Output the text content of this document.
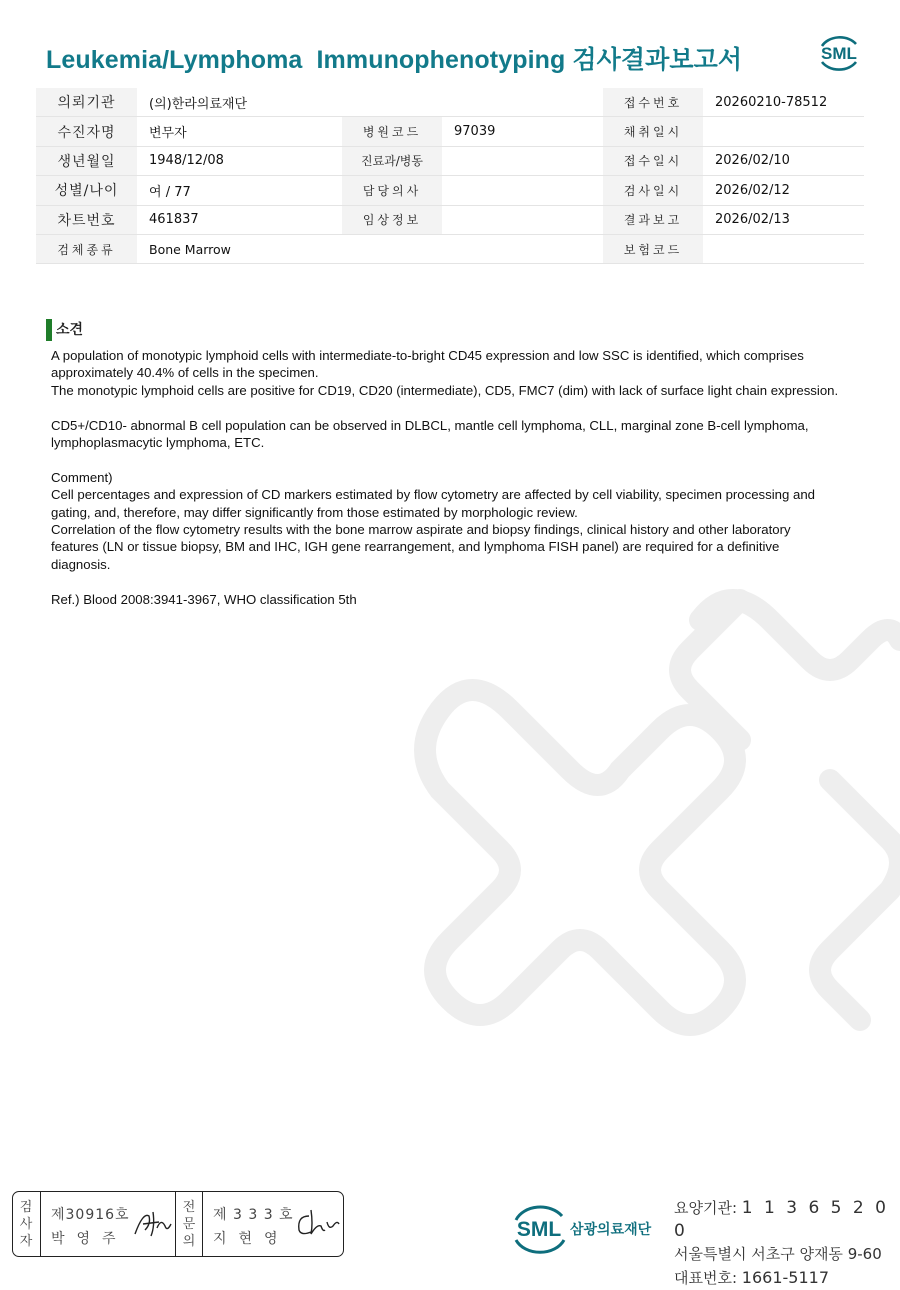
Leukemia/Lymphoma  Immunophenotyping 검사결과보고서	SML
의뢰기관	(의)한라의료재단			접수번호	20260210-78512
수진자명	변무자	병원코드	97039	채취일시	
생년월일	1948/12/08	진료과/병동		접수일시	2026/02/10
성별/나이	여 / 77	담당의사		검사일시	2026/02/12
차트번호	461837	임상정보		결과보고	2026/02/13
검체종류	Bone Marrow			보험코드	
소견

A population of monotypic lymphoid cells with intermediate-to-bright CD45 expression and low SSC is identified, which comprises approximately 40.4% of cells in the specimen.

The monotypic lymphoid cells are positive for CD19, CD20 (intermediate), CD5, FMC7 (dim) with lack of surface light chain expression.

CD5+/CD10- abnormal B cell population can be observed in DLBCL, mantle cell lymphoma, CLL, marginal zone B-cell lymphoma, lymphoplasmacytic lymphoma, ETC.

Comment)

Cell percentages and expression of CD markers estimated by flow cytometry are affected by cell viability, specimen processing and gating, and, therefore, may differ significantly from those estimated by morphologic review.

Correlation of the flow cytometry results with the bone marrow aspirate and biopsy findings, clinical history and other laboratory features (LN or tissue biopsy, BM and IHC, IGH gene rearrangement, and lymphoma FISH panel) are required for a definitive diagnosis.

Ref.) Blood 2008:3941-3967, WHO classification 5th

검
사
자
제30916호
박영주
전
문
의
제 3 3 3 호
지현영	SML 삼광의료재단
요양기관: 1 1 3 6 5 2 0 0
서울특별시 서초구 양재동 9-60
대표번호: 1661-5117
